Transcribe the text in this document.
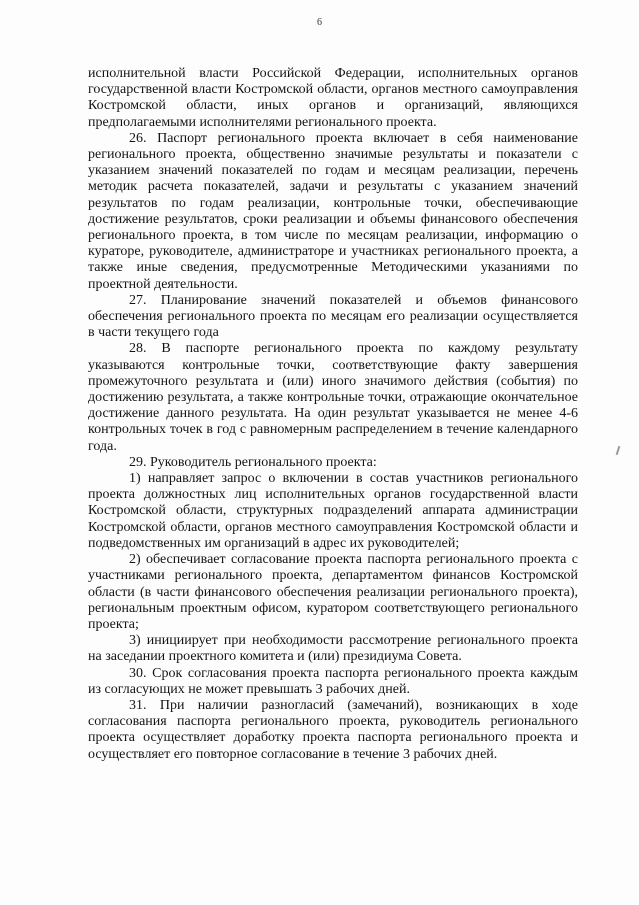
6

исполнительной власти Российской Федерации, исполнительных органов государственной власти Костромской области, органов местного самоуправления Костромской области, иных органов и организаций, являющихся предполагаемыми исполнителями регионального проекта.

26. Паспорт регионального проекта включает в себя наименование регионального проекта, общественно значимые результаты и показатели с указанием значений показателей по годам и месяцам реализации, перечень методик расчета показателей, задачи и результаты с указанием значений результатов по годам реализации, контрольные точки, обеспечивающие достижение результатов, сроки реализации и объемы финансового обеспечения регионального проекта, в том числе по месяцам реализации, информацию о кураторе, руководителе, администраторе и участниках регионального проекта, а также иные сведения, предусмотренные Методическими указаниями по проектной деятельности.

27. Планирование значений показателей и объемов финансового обеспечения регионального проекта по месяцам его реализации осуществляется в части текущего года

28. В паспорте регионального проекта по каждому результату указываются контрольные точки, соответствующие факту завершения промежуточного результата и (или) иного значимого действия (события) по достижению результата, а также контрольные точки, отражающие окончательное достижение данного результата. На один результат указывается не менее 4-6 контрольных точек в год с равномерным распределением в течение календарного года.

29. Руководитель регионального проекта:

1) направляет запрос о включении в состав участников регионального проекта должностных лиц исполнительных органов государственной власти Костромской области, структурных подразделений аппарата администрации Костромской области, органов местного самоуправления Костромской области и подведомственных им организаций в адрес их руководителей;

2) обеспечивает согласование проекта паспорта регионального проекта с участниками регионального проекта, департаментом финансов Костромской области (в части финансового обеспечения реализации регионального проекта), региональным проектным офисом, куратором соответствующего регионального проекта;

3) инициирует при необходимости рассмотрение регионального проекта на заседании проектного комитета и (или) президиума Совета.

30. Срок согласования проекта паспорта регионального проекта каждым из согласующих не может превышать 3 рабочих дней.

31. При наличии разногласий (замечаний), возникающих в ходе согласования паспорта регионального проекта, руководитель регионального проекта осуществляет доработку проекта паспорта регионального проекта и осуществляет его повторное согласование в течение 3 рабочих дней.
